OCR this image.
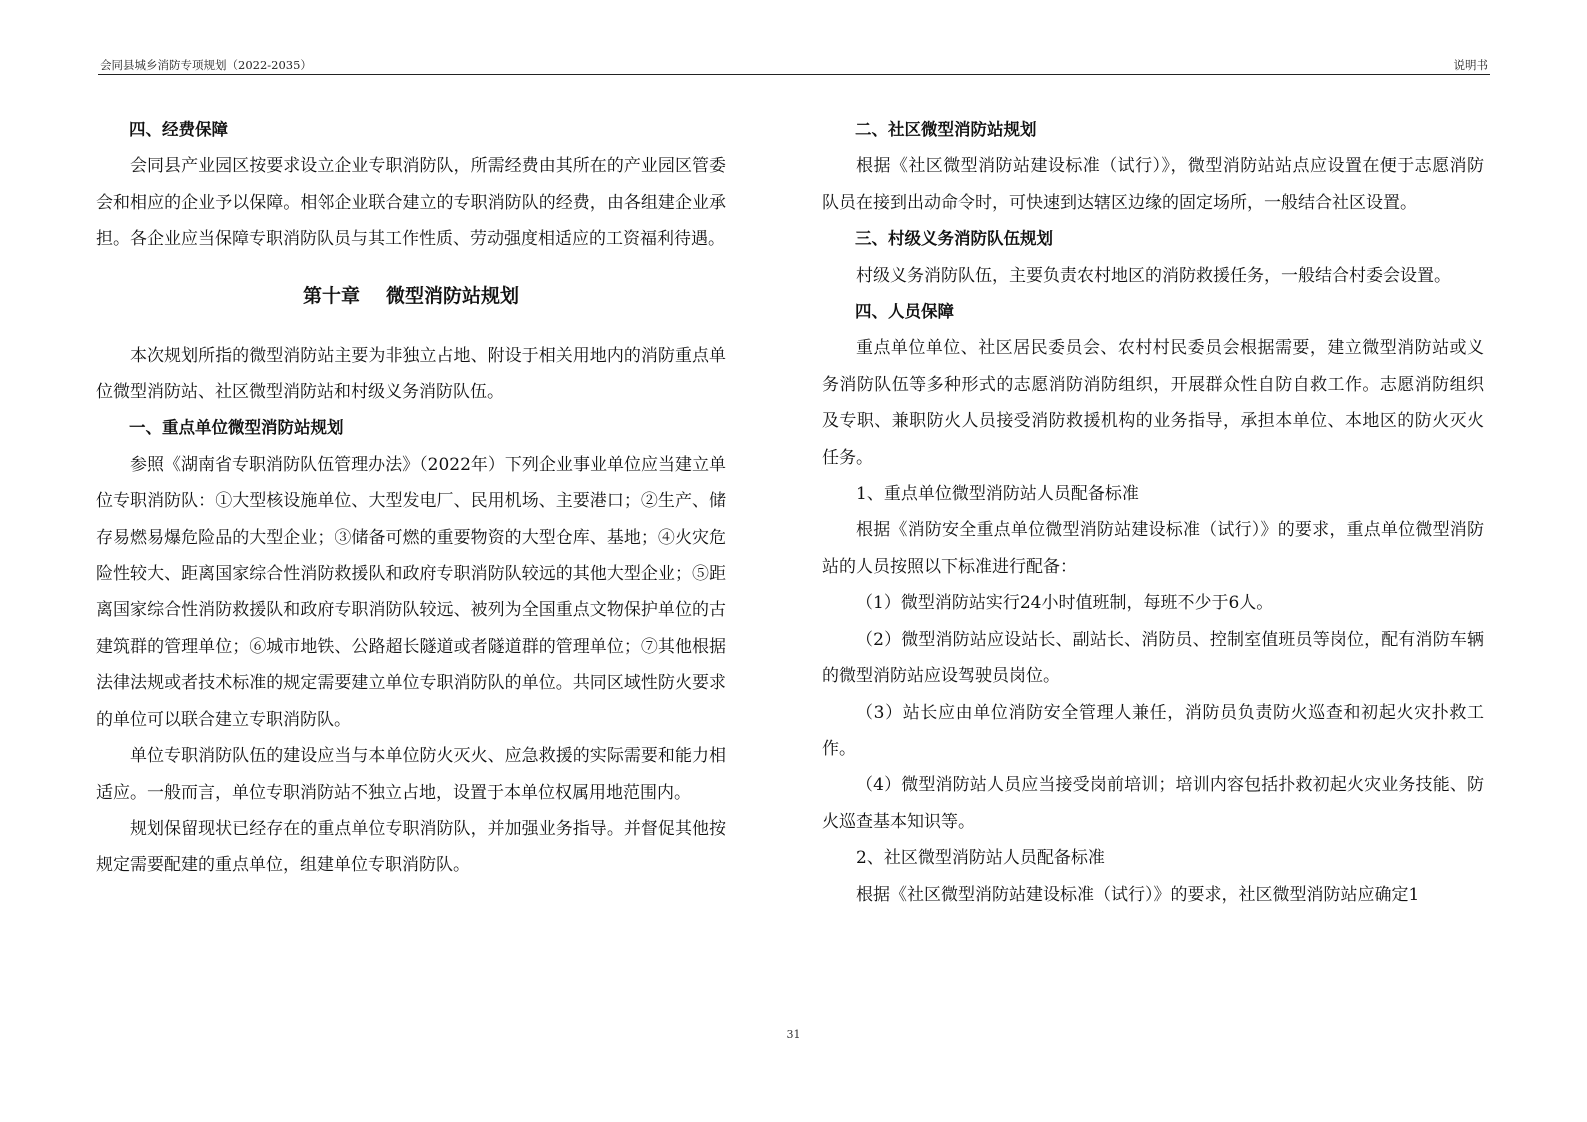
会同县城乡消防专项规划（2022-2035）	说明书

四、经费保障

会同县产业园区按要求设立企业专职消防队，所需经费由其所在的产业园区管委会和相应的企业予以保障。相邻企业联合建立的专职消防队的经费，由各组建企业承担。各企业应当保障专职消防队员与其工作性质、劳动强度相适应的工资福利待遇。

第十章 微型消防站规划

本次规划所指的微型消防站主要为非独立占地、附设于相关用地内的消防重点单位微型消防站、社区微型消防站和村级义务消防队伍。

一、重点单位微型消防站规划

参照《湖南省专职消防队伍管理办法》（2022年）下列企业事业单位应当建立单位专职消防队：①大型核设施单位、大型发电厂、民用机场、主要港口；②生产、储存易燃易爆危险品的大型企业；③储备可燃的重要物资的大型仓库、基地；④火灾危险性较大、距离国家综合性消防救援队和政府专职消防队较远的其他大型企业；⑤距离国家综合性消防救援队和政府专职消防队较远、被列为全国重点文物保护单位的古建筑群的管理单位；⑥城市地铁、公路超长隧道或者隧道群的管理单位；⑦其他根据法律法规或者技术标准的规定需要建立单位专职消防队的单位。共同区域性防火要求的单位可以联合建立专职消防队。

单位专职消防队伍的建设应当与本单位防火灭火、应急救援的实际需要和能力相适应。一般而言，单位专职消防站不独立占地，设置于本单位权属用地范围内。

规划保留现状已经存在的重点单位专职消防队，并加强业务指导。并督促其他按规定需要配建的重点单位，组建单位专职消防队。

二、社区微型消防站规划

根据《社区微型消防站建设标准（试行）》，微型消防站站点应设置在便于志愿消防队员在接到出动命令时，可快速到达辖区边缘的固定场所，一般结合社区设置。

三、村级义务消防队伍规划

村级义务消防队伍，主要负责农村地区的消防救援任务，一般结合村委会设置。

四、人员保障

重点单位单位、社区居民委员会、农村村民委员会根据需要，建立微型消防站或义务消防队伍等多种形式的志愿消防消防组织，开展群众性自防自救工作。志愿消防组织及专职、兼职防火人员接受消防救援机构的业务指导，承担本单位、本地区的防火灭火任务。

1、重点单位微型消防站人员配备标准

根据《消防安全重点单位微型消防站建设标准（试行）》的要求，重点单位微型消防站的人员按照以下标准进行配备：

（1）微型消防站实行24小时值班制，每班不少于6人。

（2）微型消防站应设站长、副站长、消防员、控制室值班员等岗位，配有消防车辆的微型消防站应设驾驶员岗位。

（3）站长应由单位消防安全管理人兼任，消防员负责防火巡查和初起火灾扑救工作。

（4）微型消防站人员应当接受岗前培训；培训内容包括扑救初起火灾业务技能、防火巡查基本知识等。

2、社区微型消防站人员配备标准

根据《社区微型消防站建设标准（试行）》的要求，社区微型消防站应确定1

31
